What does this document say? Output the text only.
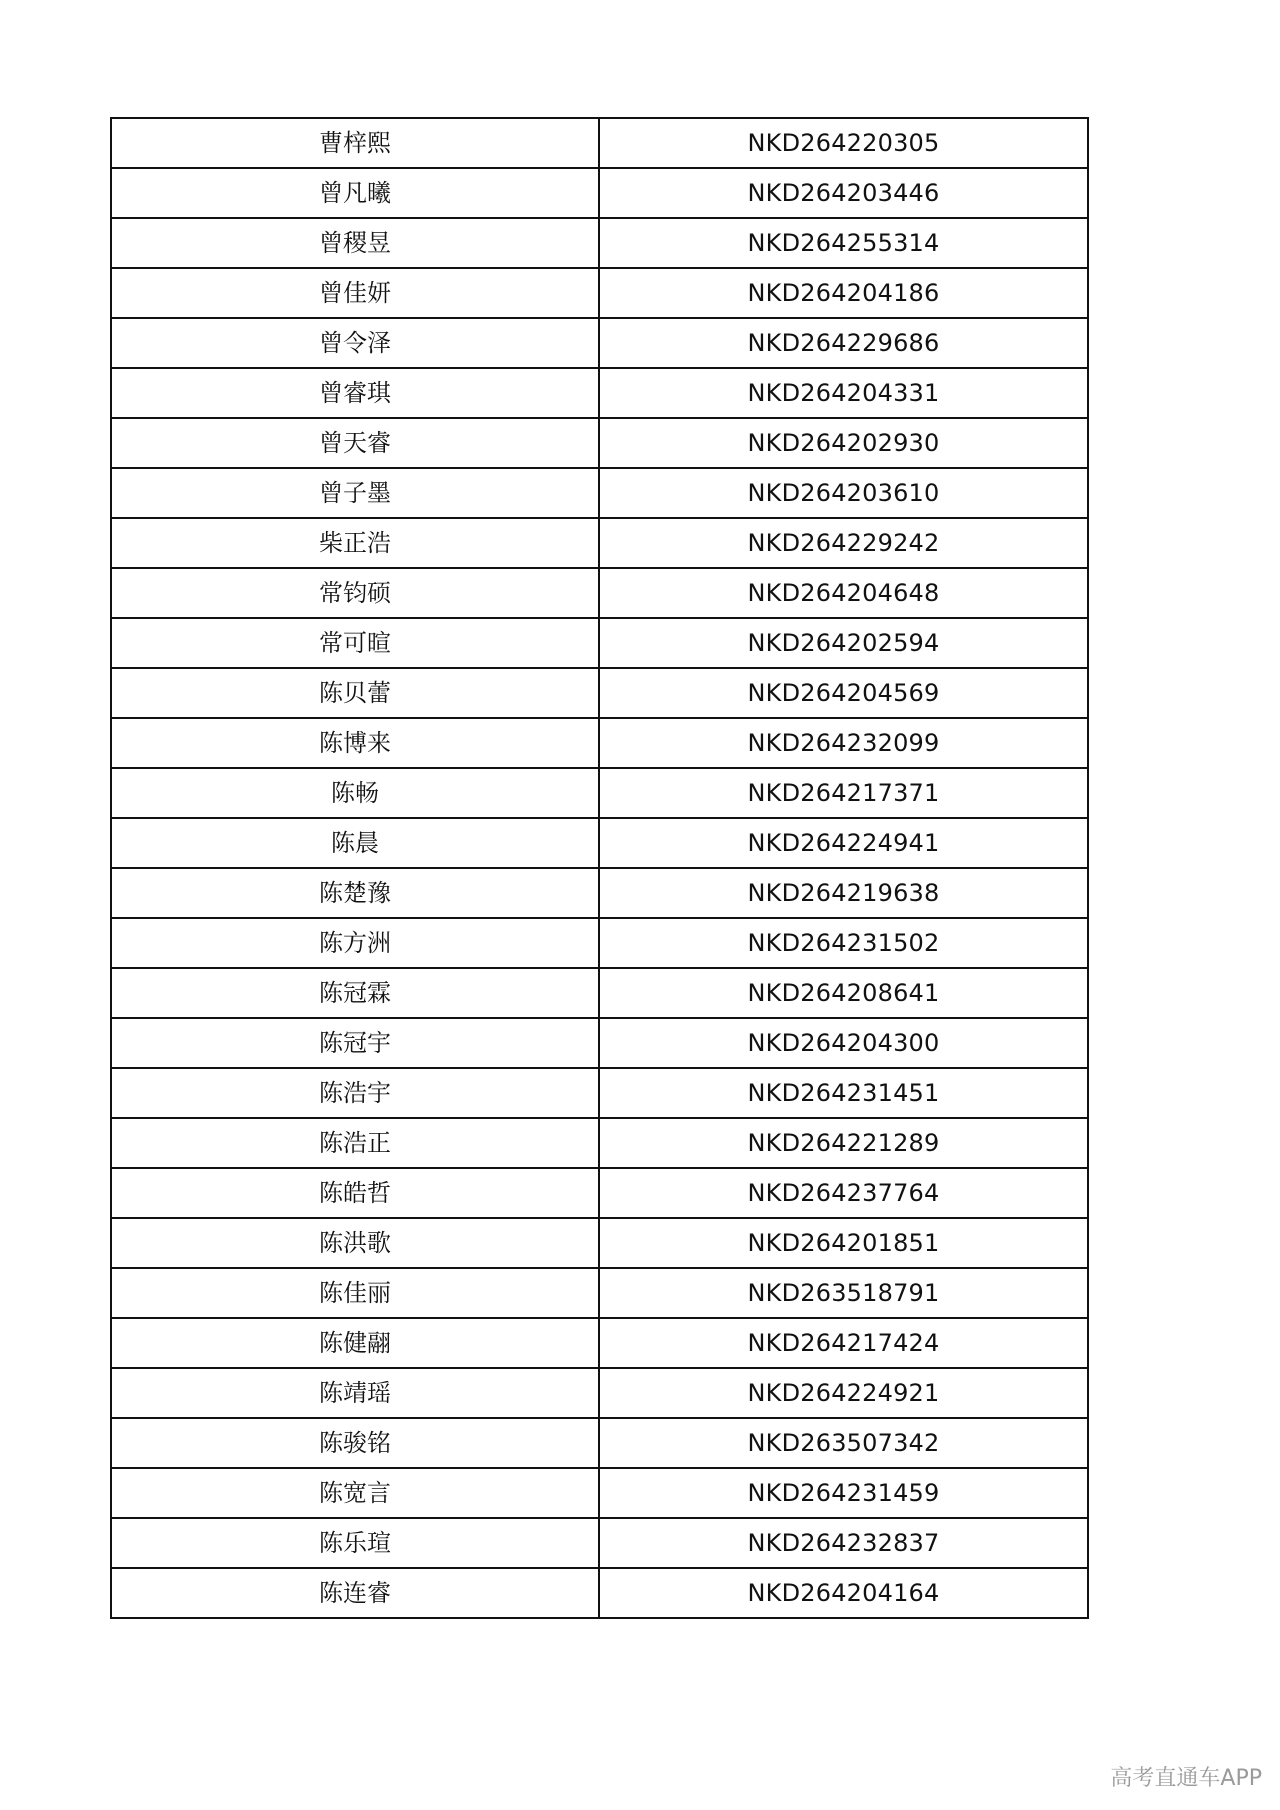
曹梓熙	NKD264220305
曾凡曦	NKD264203446
曾稷昱	NKD264255314
曾佳妍	NKD264204186
曾令泽	NKD264229686
曾睿琪	NKD264204331
曾天睿	NKD264202930
曾子墨	NKD264203610
柴正浩	NKD264229242
常钧硕	NKD264204648
常可暄	NKD264202594
陈贝蕾	NKD264204569
陈博来	NKD264232099
陈畅	NKD264217371
陈晨	NKD264224941
陈楚豫	NKD264219638
陈方洲	NKD264231502
陈冠霖	NKD264208641
陈冠宇	NKD264204300
陈浩宇	NKD264231451
陈浩正	NKD264221289
陈皓哲	NKD264237764
陈洪歌	NKD264201851
陈佳丽	NKD263518791
陈健翮	NKD264217424
陈靖瑶	NKD264224921
陈骏铭	NKD263507342
陈宽言	NKD264231459
陈乐瑄	NKD264232837
陈连睿	NKD264204164
高考直通车APP
